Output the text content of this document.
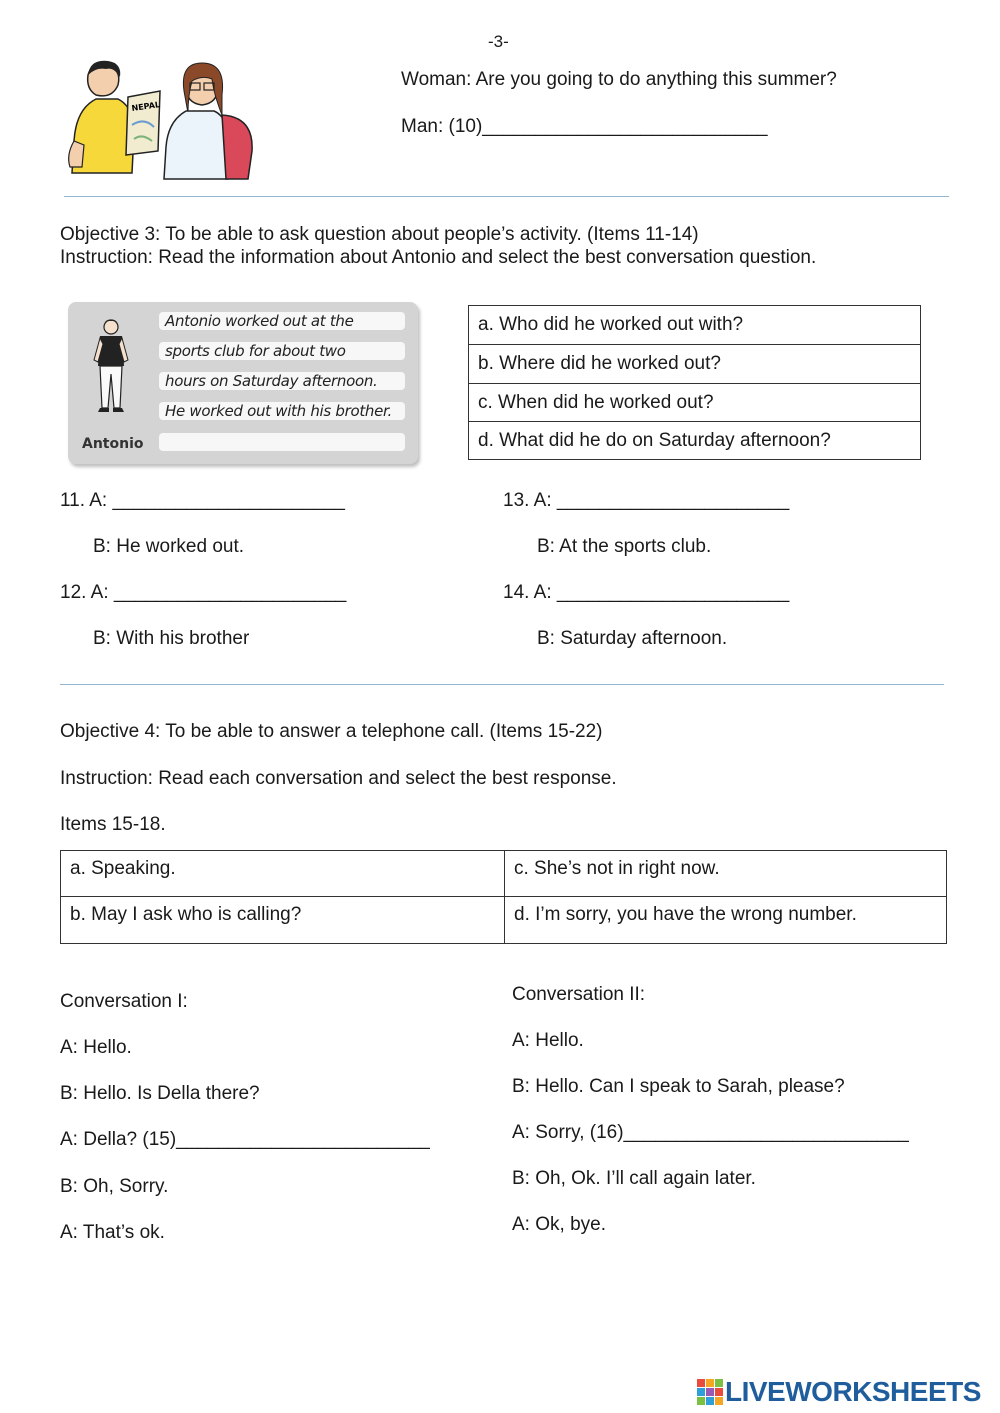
-3-
NEPAL
Woman: Are you going to do anything this summer?
Man: (10)___________________________
Objective 3: To be able to ask question about people’s activity. (Items 11-14)
Instruction: Read the information about Antonio and select the best conversation question.
Antonio worked out at the
sports club for about two
hours on Saturday afternoon.
He worked out with his brother.
Antonio
a. Who did he worked out with?
b. Where did he worked out?
c. When did he worked out?
d. What did he do on Saturday afternoon?
11. A: ______________________
B: He worked out.
12. A: ______________________
B: With his brother
13. A: ______________________
B: At the sports club.
14. A: ______________________
B: Saturday afternoon.
Objective 4: To be able to answer a telephone call. (Items 15-22)
Instruction: Read each conversation and select the best response.
Items 15-18.
a. Speaking.	c. She’s not in right now.
b. May I ask who is calling?	d. I’m sorry, you have the wrong number.
Conversation I:
A: Hello.
B: Hello. Is Della there?
A: Della? (15)________________________
B: Oh, Sorry.
A: That’s ok.
Conversation II:
A: Hello.
B: Hello. Can I speak to Sarah, please?
A: Sorry, (16)___________________________
B: Oh, Ok. I’ll call again later.
A: Ok, bye.
LIVEWORKSHEETS
